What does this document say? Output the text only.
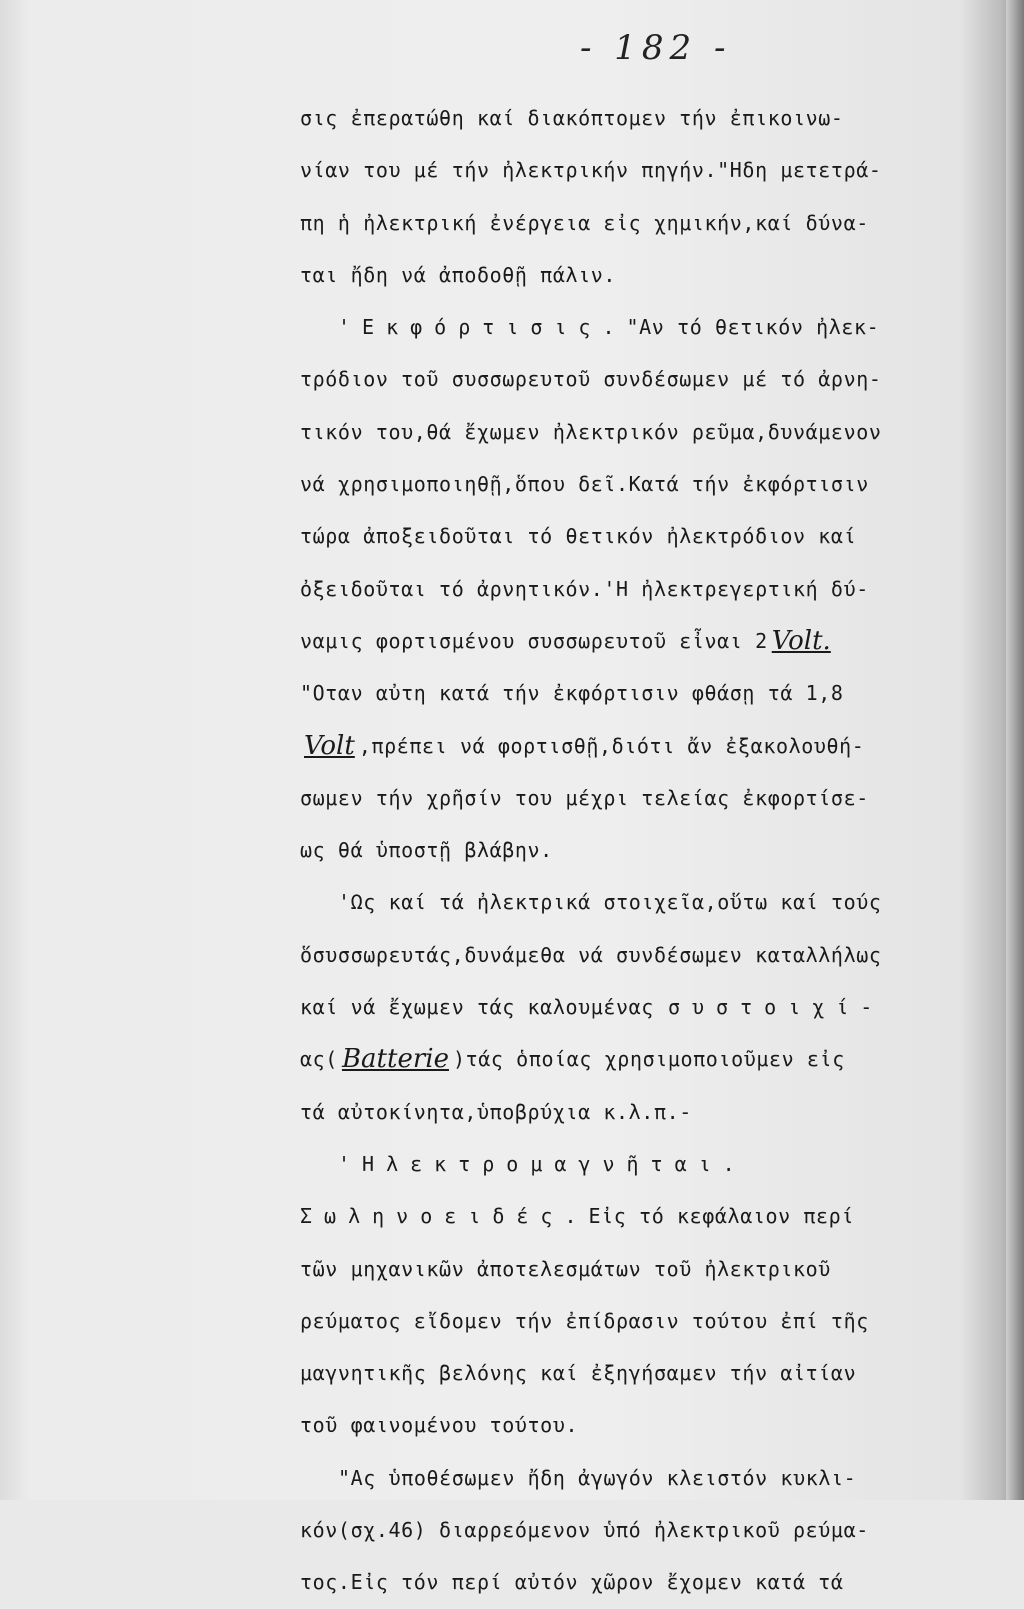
- 182 -
σις ἐπερατώθη καί διακόπτομεν τήν ἐπικοινω-
νίαν του μέ τήν ἠλεκτρικήν πηγήν."Ηδη μετετρά-
πη ἡ ἠλεκτρική ἐνέργεια εἰς χημικήν,καί δύνα-
ται ἤδη νά ἀποδοθῇ πάλιν.
'Εκφόρτισις. "Αν τό θετικόν ἠλεκ-
τρόδιον τοῦ συσσωρευτοῦ συνδέσωμεν μέ τό ἀρνη-
τικόν του,θά ἔχωμεν ἠλεκτρικόν ρεῦμα,δυνάμενον
νά χρησιμοποιηθῇ,ὅπου δεῖ.Κατά τήν ἐκφόρτισιν
τώρα ἀποξειδοῦται τό θετικόν ἠλεκτρόδιον καί
ὀξειδοῦται τό ἀρνητικόν.'Η ἠλεκτρεγερτική δύ-
ναμις φορτισμένου συσσωρευτοῦ εἶναι 2 Volt.
"Οταν αὐτη κατά τήν ἐκφόρτισιν φθάσῃ τά 1,8
Volt ,πρέπει νά φορτισθῇ,διότι ἄν ἐξακολουθή-
σωμεν τήν χρῆσίν του μέχρι τελείας ἐκφορτίσε-
ως θά ὑποστῇ βλάβην.
'Ως καί τά ἠλεκτρικά στοιχεῖα,οὕτω καί τούς
ὅσυσσωρευτάς,δυνάμεθα νά συνδέσωμεν καταλλήλως
καί νά ἔχωμεν τάς καλουμένας συστοιχί-
ας( Batterie )τάς ὁποίας χρησιμοποιοῦμεν εἰς
τά αὐτοκίνητα,ὑποβρύχια κ.λ.π.-
'Ηλεκτρομαγνῆται.
Σωληνοειδές. Εἰς τό κεφάλαιον περί
τῶν μηχανικῶν ἀποτελεσμάτων τοῦ ἠλεκτρικοῦ
ρεύματος εἴδομεν τήν ἐπίδρασιν τούτου ἐπί τῆς
μαγνητικῆς βελόνης καί ἐξηγήσαμεν τήν αἰτίαν
τοῦ φαινομένου τούτου.
"Ας ὑποθέσωμεν ἤδη ἀγωγόν κλειστόν κυκλι-
κόν(σχ.46) διαρρεόμενον ὑπό ἠλεκτρικοῦ ρεύμα-
τος.Εἰς τόν περί αὐτόν χῶρον ἔχομεν κατά τά
